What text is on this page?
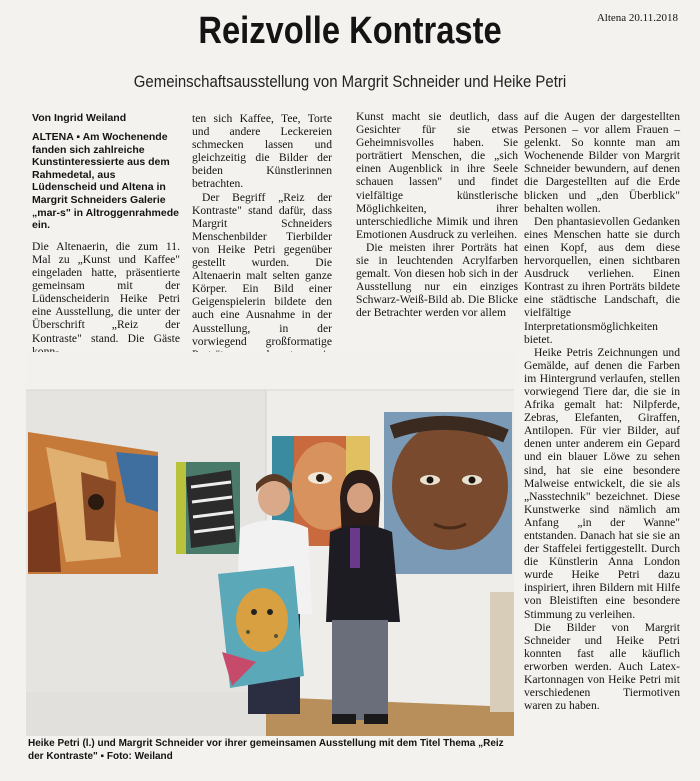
Altena 20.11.2018
Reizvolle Kontraste
Gemeinschaftsausstellung von Margrit Schneider und Heike Petri

Von Ingrid Weiland

ALTENA ▪ Am Wochenende fanden sich zahlreiche Kunstinteressierte aus dem Rahmedetal, aus Lüdenscheid und Altena in Margrit Schneiders Galerie „mar-s" in Altroggenrahmede ein.

Die Altenaerin, die zum 11. Mal zu „Kunst und Kaffee" eingeladen hatte, präsentierte gemeinsam mit der Lüdenscheiderin Heike Petri eine Ausstellung, die unter der Überschrift „Reiz der Kontraste" stand. Die Gäste

ten sich Kaffee, Tee, Torte und andere Leckereien schmecken lassen und gleichzeitig die Bilder der beiden Künstlerinnen betrachten.

Der Begriff „Reiz der Kontraste" stand dafür, dass Margrit Schneiders Menschenbilder Tierbilder von Heike Petri gegenüber gestellt wurden. Die Altenaerin malt selten ganze Körper. Ein Bild einer Geigenspielerin bildete den auch eine Ausnahme in der Ausstellung, in der vorwiegend großformatige

Kunst macht sie deutlich, dass Gesichter für sie etwas Geheimnisvolles haben. Sie porträtiert Menschen, die „sich einen Augenblick in ihre Seele schauen lassen" und findet vielfältige künstlerische Möglichkeiten, ihrer unterschiedliche Mimik und ihren Emotionen Ausdruck zu verleihen.

Die meisten ihrer Porträts hat sie in leuchtenden Acrylfarben gemalt. Von diesen hob sich in der Ausstellung nur ein einziges Schwarz-Weiß-Bild ab. Die Blicke der Betrachter werden vor allem

auf die Augen der dargestellten Personen – vor allem Frauen – gelenkt. So konnte man am Wochenende Bilder von Margrit Schneider bewundern, auf denen die Dargestellten auf die Erde blicken und „den Überblick" behalten wollen.

Den phantasievollen Gedanken eines Menschen hatte sie durch einen Kopf, aus dem diese hervorquellen, einen sichtbaren Ausdruck verliehen. Einen Kontrast zu ihren Porträts bildete eine städtische Landschaft, die vielfältige Interpretationsmöglichkeiten bietet.

Heike Petris Zeichnungen und Gemälde, auf denen die Farben im Hintergrund verlaufen, stellen vorwiegend Tiere dar, die sie in Afrika gemalt hat: Nilpferde, Zebras, Elefanten, Giraffen, Antilopen. Für vier Bilder, auf denen unter anderem ein Gepard und ein blauer Löwe zu sehen sind, hat sie eine besondere Malweise entwickelt, die sie als „Nasstechnik" bezeichnet. Diese Kunstwerke sind nämlich am Anfang „in der Wanne" entstanden. Danach hat sie sie an der Staffelei fertiggestellt. Durch die Künstlerin Anna London wurde Heike Petri dazu inspiriert, ihren Bildern mit Hilfe von Bleistiften eine besondere Stimmung zu verleihen.

Die Bilder von Margrit Schneider und Heike Petri konnten fast alle käuflich erworben werden. Auch Latex-Kartonnagen von Heike Petri mit verschiedenen Tiermotiven waren zu haben.

Heike Petri (l.) und Margrit Schneider vor ihrer gemeinsamen Ausstellung mit dem Titel Thema „Reiz der Kontraste" ▪ Foto: Weiland
